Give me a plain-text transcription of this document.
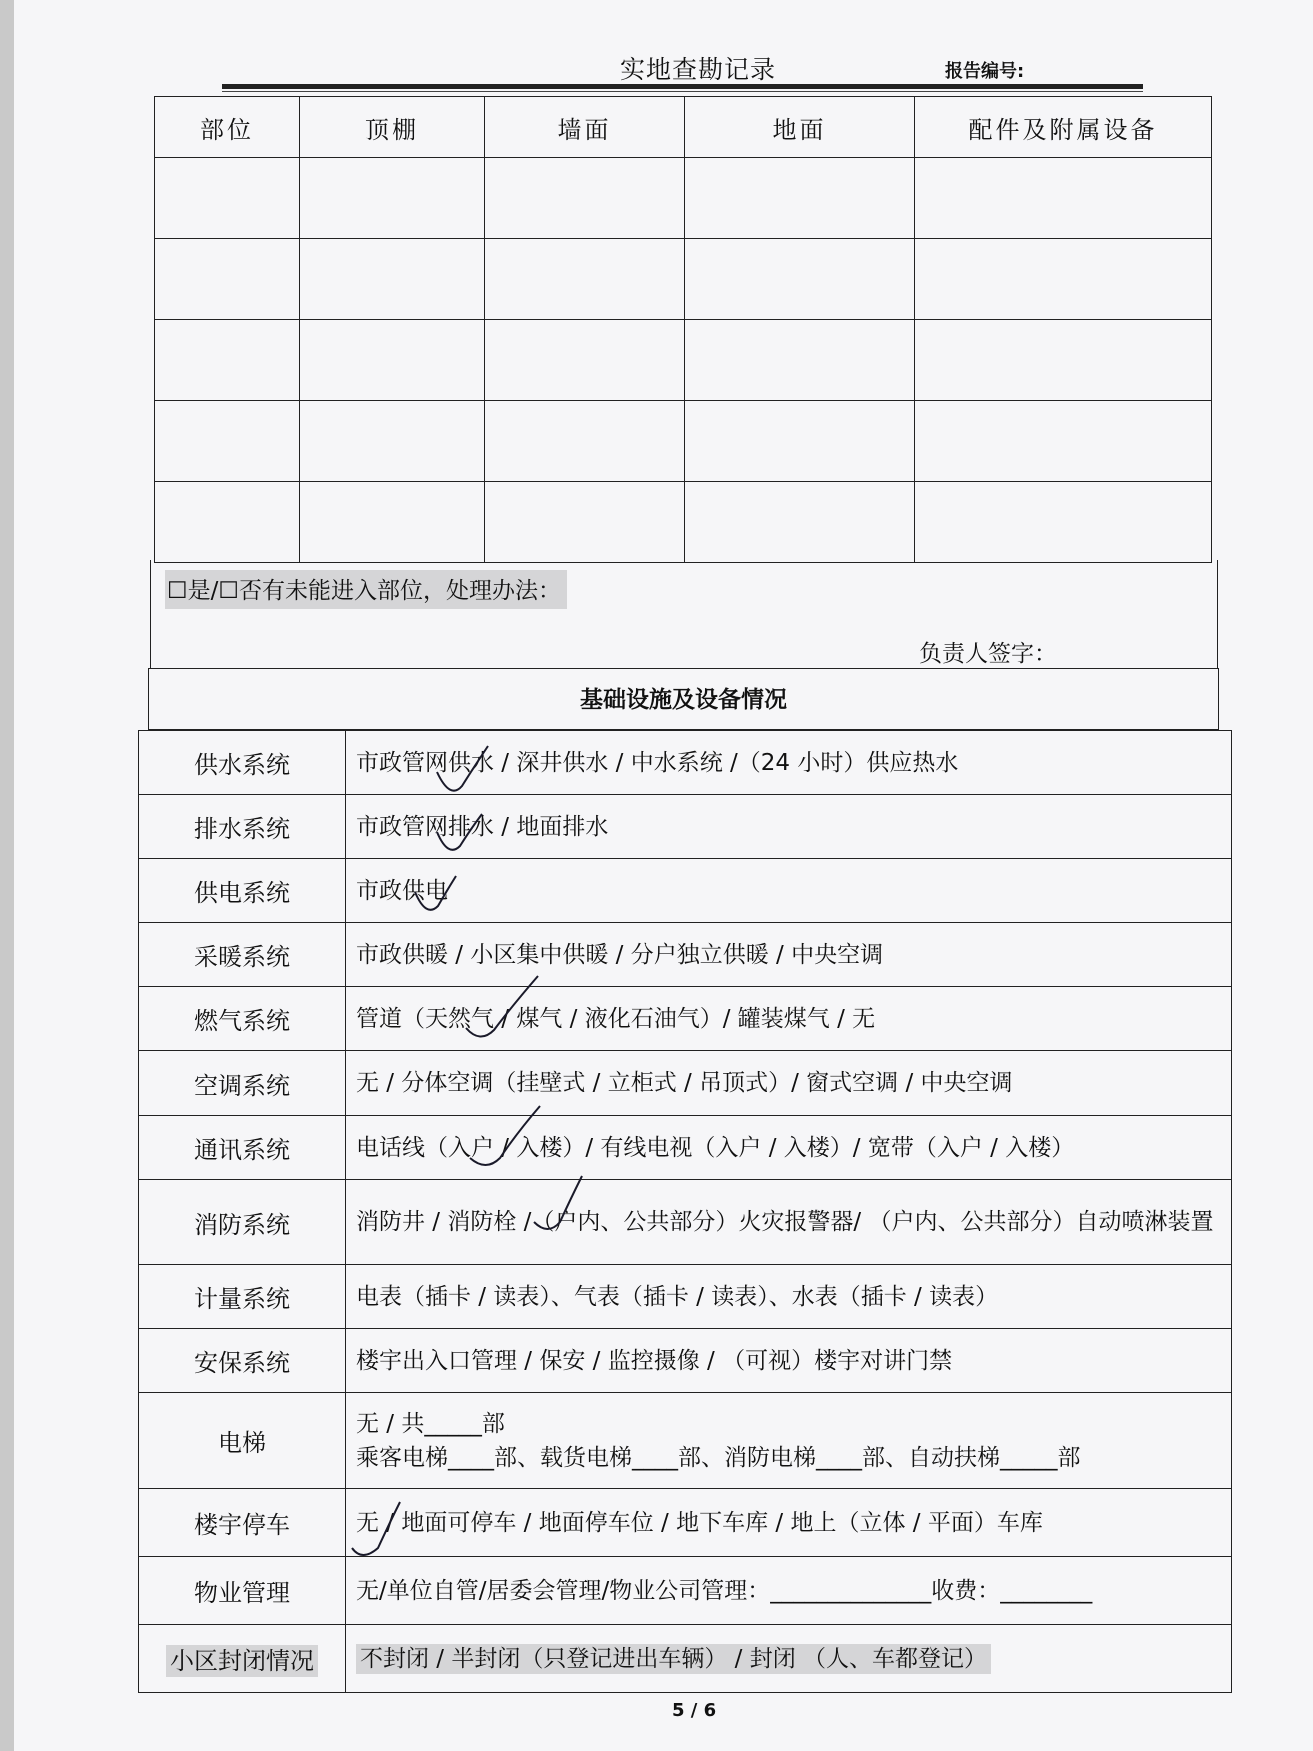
实地查勘记录	报告编号:
部位	顶棚	墙面	地面	配件及附属设备

☐是/☐否有未能进入部位，处理办法：
负责人签字：
基础设施及设备情况
供水系统	市政管网供水 / 深井供水 / 中水系统 /（24 小时）供应热水
排水系统	市政管网排水 / 地面排水
供电系统	市政供电
采暖系统	市政供暖 / 小区集中供暖 / 分户独立供暖 / 中央空调
燃气系统	管道（天然气 / 煤气 / 液化石油气）/ 罐装煤气 / 无
空调系统	无 / 分体空调（挂壁式 / 立柜式 / 吊顶式）/ 窗式空调 / 中央空调
通讯系统	电话线（入户 / 入楼）/ 有线电视（入户 / 入楼）/ 宽带（入户 / 入楼）
消防系统	消防井 / 消防栓 /（户内、公共部分）火灾报警器/ （户内、公共部分）自动喷淋装置
计量系统	电表（插卡 / 读表）、气表（插卡 / 读表）、水表（插卡 / 读表）
安保系统	楼宇出入口管理 / 保安 / 监控摄像 / （可视）楼宇对讲门禁
电梯	无 / 共_____部
乘客电梯____部、载货电梯____部、消防电梯____部、自动扶梯_____部

楼宇停车	无 / 地面可停车 / 地面停车位 / 地下车库 / 地上（立体 / 平面）车库
物业管理	无/单位自管/居委会管理/物业公司管理：______________收费：________
小区封闭情况	不封闭 / 半封闭（只登记进出车辆） / 封闭 （人、车都登记）
5 / 6
